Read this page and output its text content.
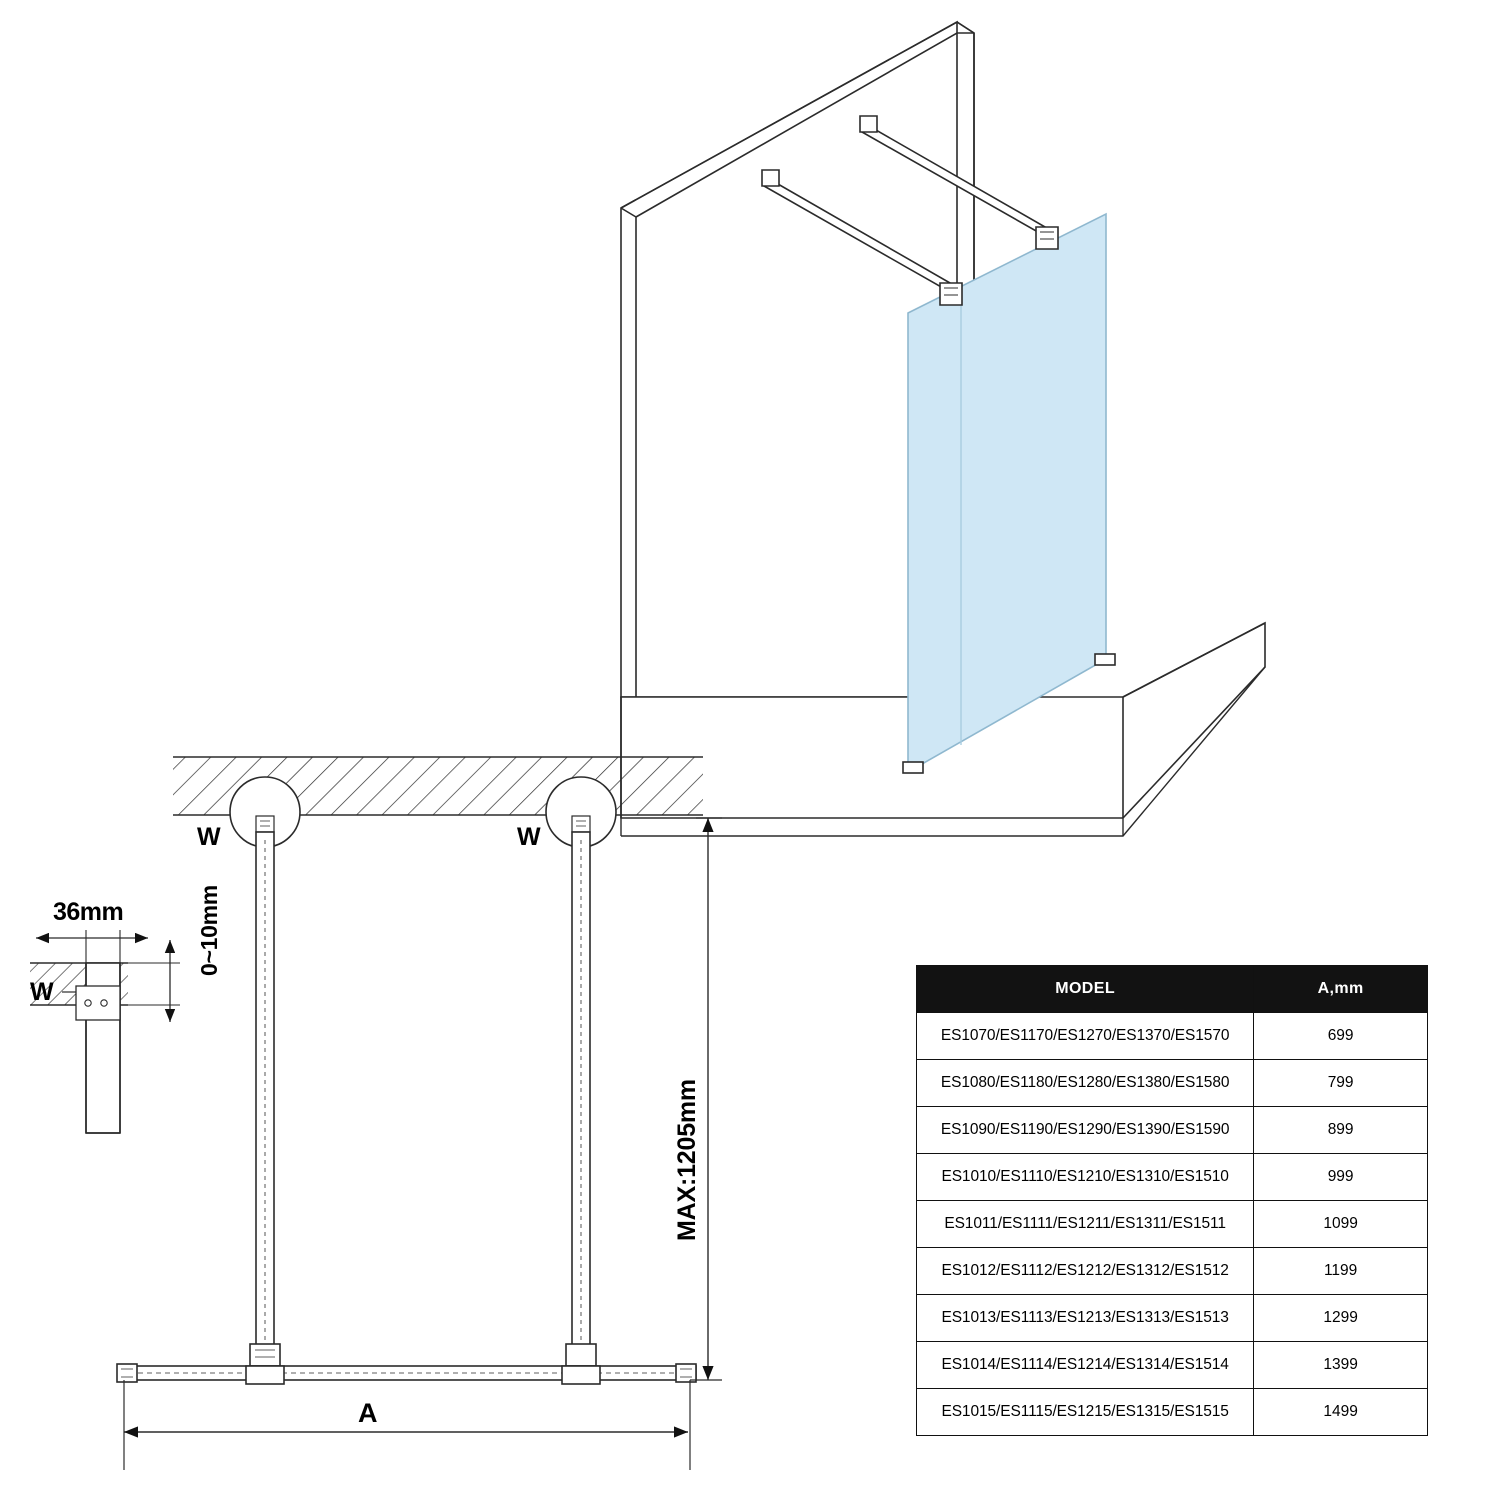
36mm	0~10mm
MAX:1205mm
A
W	W
W	MODEL	A,mm
ES1070/ES1170/ES1270/ES1370/ES1570	699
ES1080/ES1180/ES1280/ES1380/ES1580	799
ES1090/ES1190/ES1290/ES1390/ES1590	899
ES1010/ES1110/ES1210/ES1310/ES1510	999
ES1011/ES1111/ES1211/ES1311/ES1511	1099
ES1012/ES1112/ES1212/ES1312/ES1512	1199
ES1013/ES1113/ES1213/ES1313/ES1513	1299
ES1014/ES1114/ES1214/ES1314/ES1514	1399
ES1015/ES1115/ES1215/ES1315/ES1515	1499
